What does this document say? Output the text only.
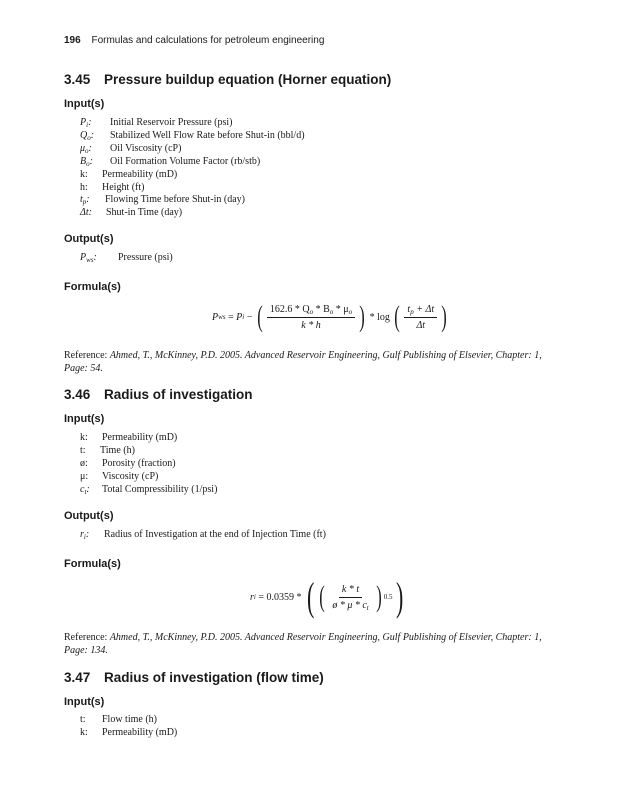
196 Formulas and calculations for petroleum engineering
3.45 Pressure buildup equation (Horner equation)
Input(s)
$P_i$: Initial Reservoir Pressure (psi)
$Q_o$: Stabilized Well Flow Rate before Shut-in (bbl/d)
$\mu_o$: Oil Viscosity (cP)
$B_o$: Oil Formation Volume Factor (rb/stb)
k: Permeability (mD)
h: Height (ft)
$t_p$: Flowing Time before Shut-in (day)
Δt: Shut-in Time (day)
Output(s)
$P_{ws}$: Pressure (psi)
Formula(s)
P ws = P i − ( $\frac{162.6 * Q_o * B_o * \mu_o}{k * h}$ ) * log ( $\frac{t_p + \Delta t}{\Delta t}$ )

Reference: Ahmed, T., McKinney, P.D. 2005. Advanced Reservoir Engineering, Gulf Publishing of Elsevier, Chapter: 1, Page: 54.

3.46 Radius of investigation
Input(s)
k: Permeability (mD)
t: Time (h)
ø: Porosity (fraction)
μ: Viscosity (cP)
$c_t$: Total Compressibility (1/psi)
Output(s)
$r_i$: Radius of Investigation at the end of Injection Time (ft)
Formula(s)
r i = 0.0359 * ( ( $\frac{k * t}{ø * \mu * c_t}$ ) 0.5 )

Reference: Ahmed, T., McKinney, P.D. 2005. Advanced Reservoir Engineering, Gulf Publishing of Elsevier, Chapter: 1, Page: 134.

3.47 Radius of investigation (flow time)
Input(s)
t: Flow time (h)
k: Permeability (mD)
